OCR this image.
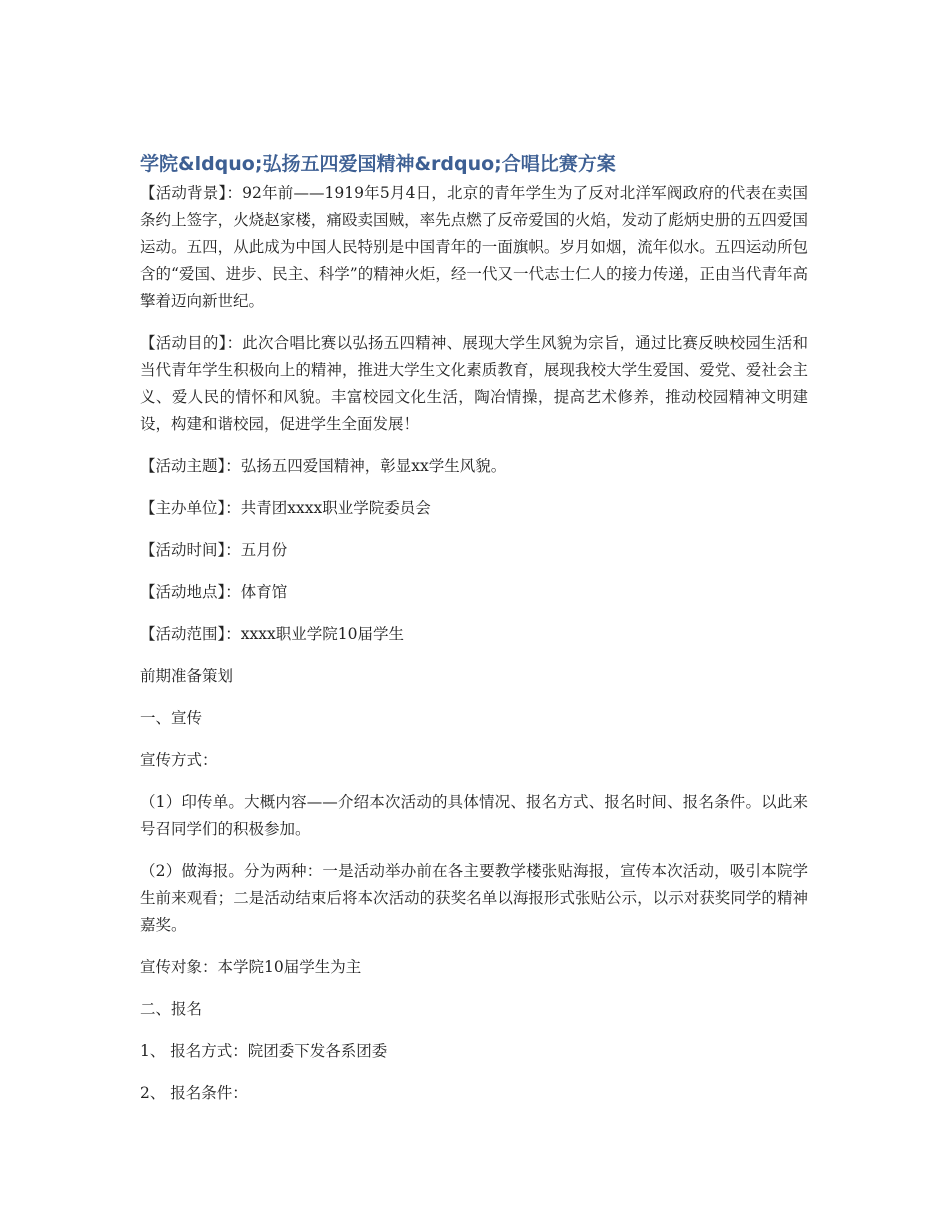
学院&ldquo;弘扬五四爱国精神&rdquo;合唱比赛方案

【活动背景】：92年前——1919年5月4日，北京的青年学生为了反对北洋军阀政府的代表在卖国条约上签字，火烧赵家楼，痛殴卖国贼，率先点燃了反帝爱国的火焰，发动了彪炳史册的五四爱国运动。五四，从此成为中国人民特别是中国青年的一面旗帜。岁月如烟，流年似水。五四运动所包含的“爱国、进步、民主、科学”的精神火炬，经一代又一代志士仁人的接力传递，正由当代青年高擎着迈向新世纪。

【活动目的】：此次合唱比赛以弘扬五四精神、展现大学生风貌为宗旨，通过比赛反映校园生活和当代青年学生积极向上的精神，推进大学生文化素质教育，展现我校大学生爱国、爱党、爱社会主义、爱人民的情怀和风貌。丰富校园文化生活，陶冶情操，提高艺术修养，推动校园精神文明建设，构建和谐校园，促进学生全面发展！

【活动主题】：弘扬五四爱国精神，彰显xx学生风貌。

【主办单位】：共青团xxxx职业学院委员会

【活动时间】：五月份

【活动地点】：体育馆

【活动范围】：xxxx职业学院10届学生

前期准备策划

一、宣传

宣传方式：

（1）印传单。大概内容——介绍本次活动的具体情况、报名方式、报名时间、报名条件。以此来号召同学们的积极参加。

（2）做海报。分为两种：一是活动举办前在各主要教学楼张贴海报，宣传本次活动，吸引本院学生前来观看；二是活动结束后将本次活动的获奖名单以海报形式张贴公示，以示对获奖同学的精神嘉奖。

宣传对象：本学院10届学生为主

二、报名

1、 报名方式：院团委下发各系团委

2、 报名条件：
